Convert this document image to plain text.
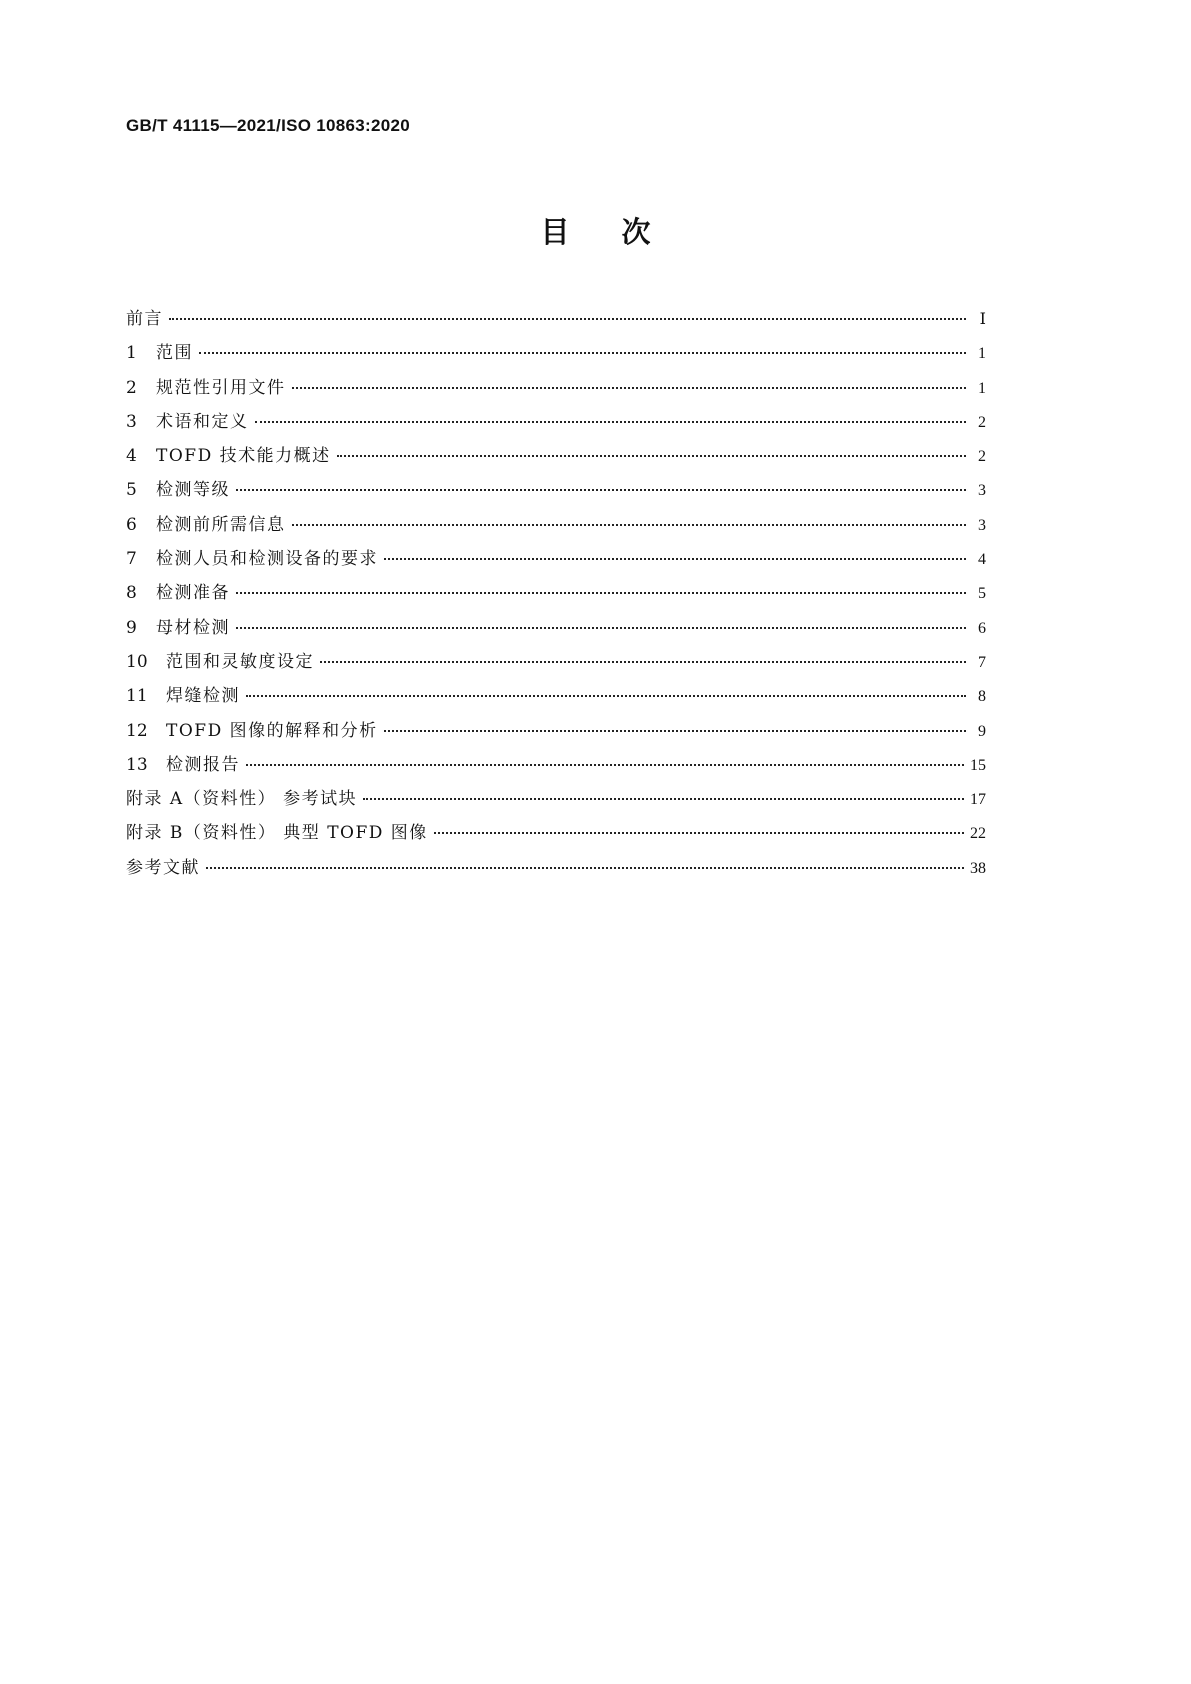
GB/T 41115—2021/ISO 10863:2020
目次
前言	Ⅰ
1	范围	1
2	规范性引用文件	1
3	术语和定义	2
4	TOFD 技术能力概述	2
5	检测等级	3
6	检测前所需信息	3
7	检测人员和检测设备的要求	4
8	检测准备	5
9	母材检测	6
10	范围和灵敏度设定	7
11	焊缝检测	8
12	TOFD 图像的解释和分析	9
13	检测报告	15
附录 A（资料性） 参考试块	17
附录 B（资料性） 典型 TOFD 图像	22
参考文献	38
